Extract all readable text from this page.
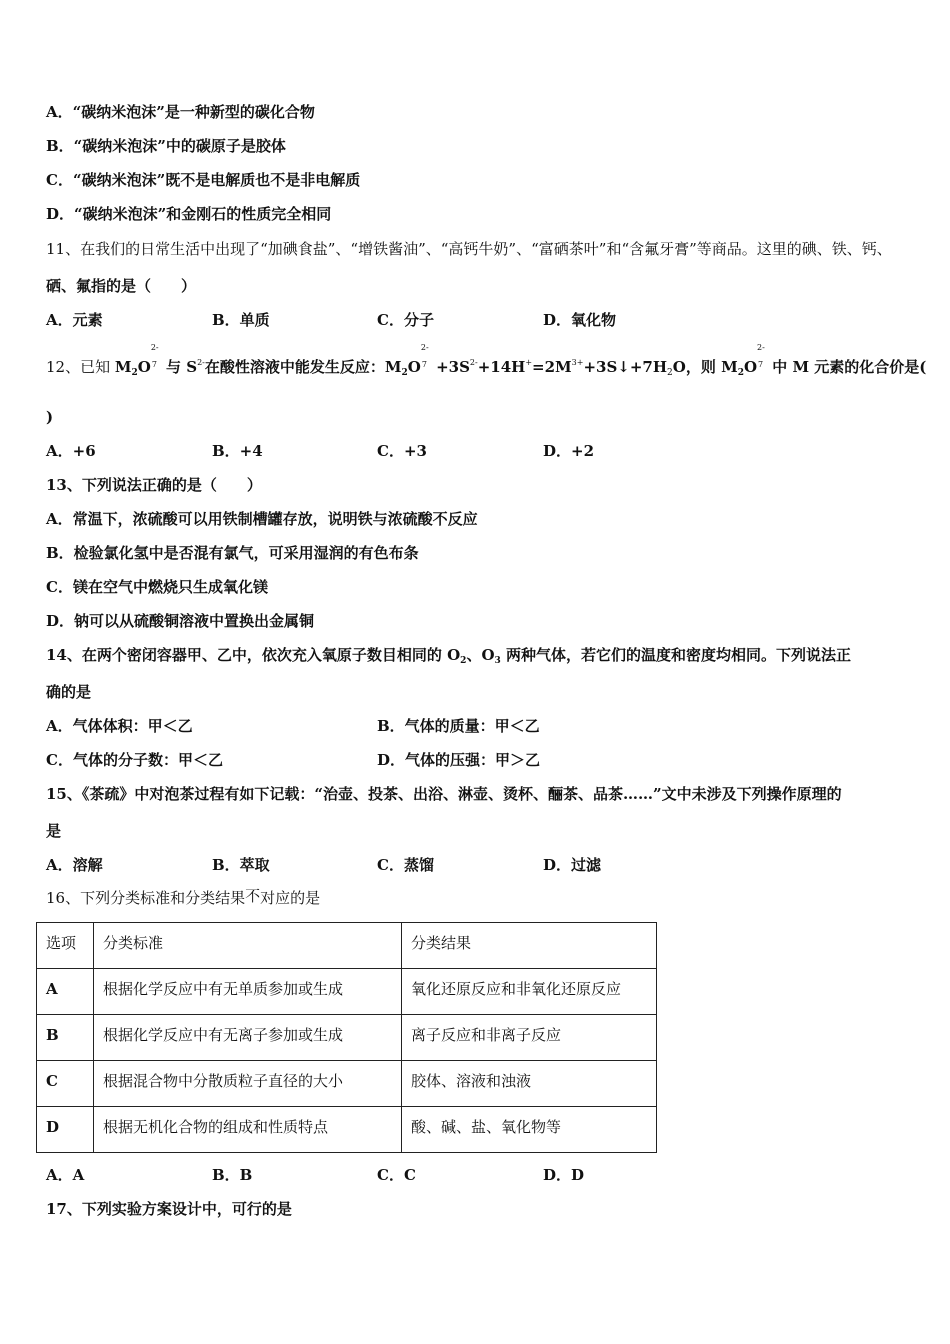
A．“碳纳米泡沫”是一种新型的碳化合物
B．“碳纳米泡沫”中的碳原子是胶体
C．“碳纳米泡沫”既不是电解质也不是非电解质
D．“碳纳米泡沫”和金刚石的性质完全相同
11、在我们的日常生活中出现了“加碘食盐”、“增铁酱油”、“高钙牛奶”、“富硒茶叶”和“含氟牙膏”等商品。这里的碘、铁、钙、
硒、氟指的是（　　）
A．元素	B．单质	C．分子	D．氧化物
12、已知 $M_2O$
2-
7 与 $S^{2-}$在酸性溶液中能发生反应：$M_2O$
2-
$7 +3S^{2-}+14H^+=2M^{3+}+3S↓+7H_2O$，则 $M_2O$
2-
7 中 M 元素的化合价是(
)
A．+6	B．+4	C．+3	D．+2
13、下列说法正确的是（　　）
A．常温下，浓硫酸可以用铁制槽罐存放，说明铁与浓硫酸不反应
B．检验氯化氢中是否混有氯气，可采用湿润的有色布条
C．镁在空气中燃烧只生成氧化镁
D．钠可以从硫酸铜溶液中置换出金属铜
14、在两个密闭容器甲、乙中，依次充入氧原子数目相同的 $O_2$、$O_3$ 两种气体，若它们的温度和密度均相同。下列说法正
确的是
A．气体体积：甲＜乙	B．气体的质量：甲＜乙
C．气体的分子数：甲＜乙	D．气体的压强：甲＞乙
15、《茶疏》中对泡茶过程有如下记载：“治壶、投茶、出浴、淋壶、烫杯、酾茶、品茶……”文中未涉及下列操作原理的
是
A．溶解	B．萃取	C．蒸馏	D．过滤
16、下列分类标准和分类结果不对应的是
选项	分类标准	分类结果
A	根据化学反应中有无单质参加或生成	氧化还原反应和非氧化还原反应
B	根据化学反应中有无离子参加或生成	离子反应和非离子反应
C	根据混合物中分散质粒子直径的大小	胶体、溶液和浊液
D	根据无机化合物的组成和性质特点	酸、碱、盐、氧化物等
A．A	B．B	C．C	D．D
17、下列实验方案设计中，可行的是
